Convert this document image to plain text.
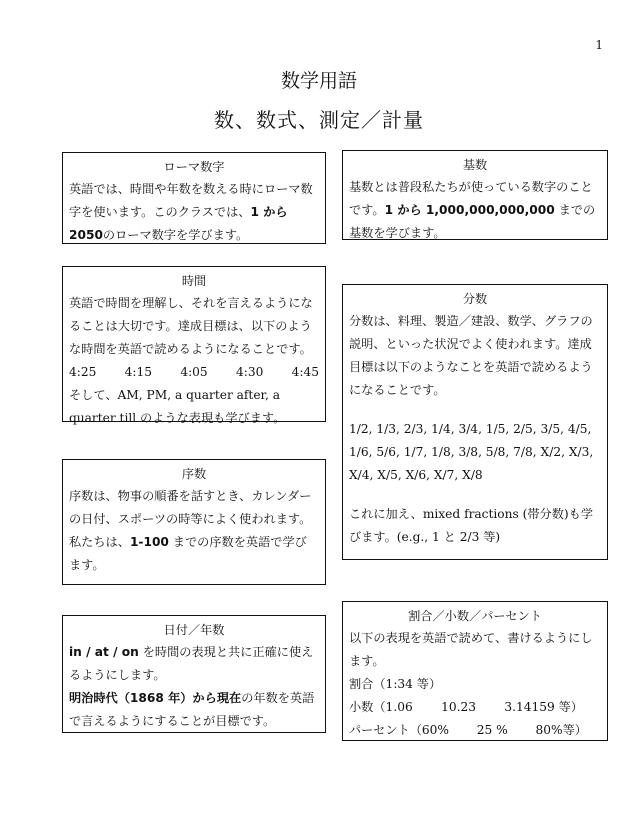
1
数学用語
数、数式、測定／計量
ローマ数字

英語では、時間や年数を数える時にローマ数字を使います。このクラスでは、1 から 2050のローマ数字を学びます。

基数

基数とは普段私たちが使っている数字のことです。1 から 1,000,000,000,000 までの基数を学びます。

時間

英語で時間を理解し、それを言えるようになることは大切です。達成目標は、以下のような時間を英語で読めるようになることです。

4:25 4:15 4:05 4:30 4:45

そして、AM, PM, a quarter after, a quarter till のような表現も学びます。

分数

分数は、料理、製造／建設、数学、グラフの説明、といった状況でよく使われます。達成目標は以下のようなことを英語で読めるようになることです。

1/2, 1/3, 2/3, 1/4, 3/4, 1/5, 2/5, 3/5, 4/5, 1/6, 5/6, 1/7, 1/8, 3/8, 5/8, 7/8, X/2, X/3, X/4, X/5, X/6, X/7, X/8

これに加え、mixed fractions (帯分数)も学びます。(e.g., 1 と 2/3 等)

序数

序数は、物事の順番を話すとき、カレンダーの日付、スポーツの時等によく使われます。私たちは、1-100 までの序数を英語で学びます。

日付／年数

in / at / on を時間の表現と共に正確に使えるようにします。

明治時代（1868 年）から現在の年数を英語で言えるようにすることが目標です。

割合／小数／パーセント

以下の表現を英語で読めて、書けるようにします。

割合（1:34 等）

小数（1.06 10.23 3.14159 等）
パーセント（60% 25 % 80%等）
